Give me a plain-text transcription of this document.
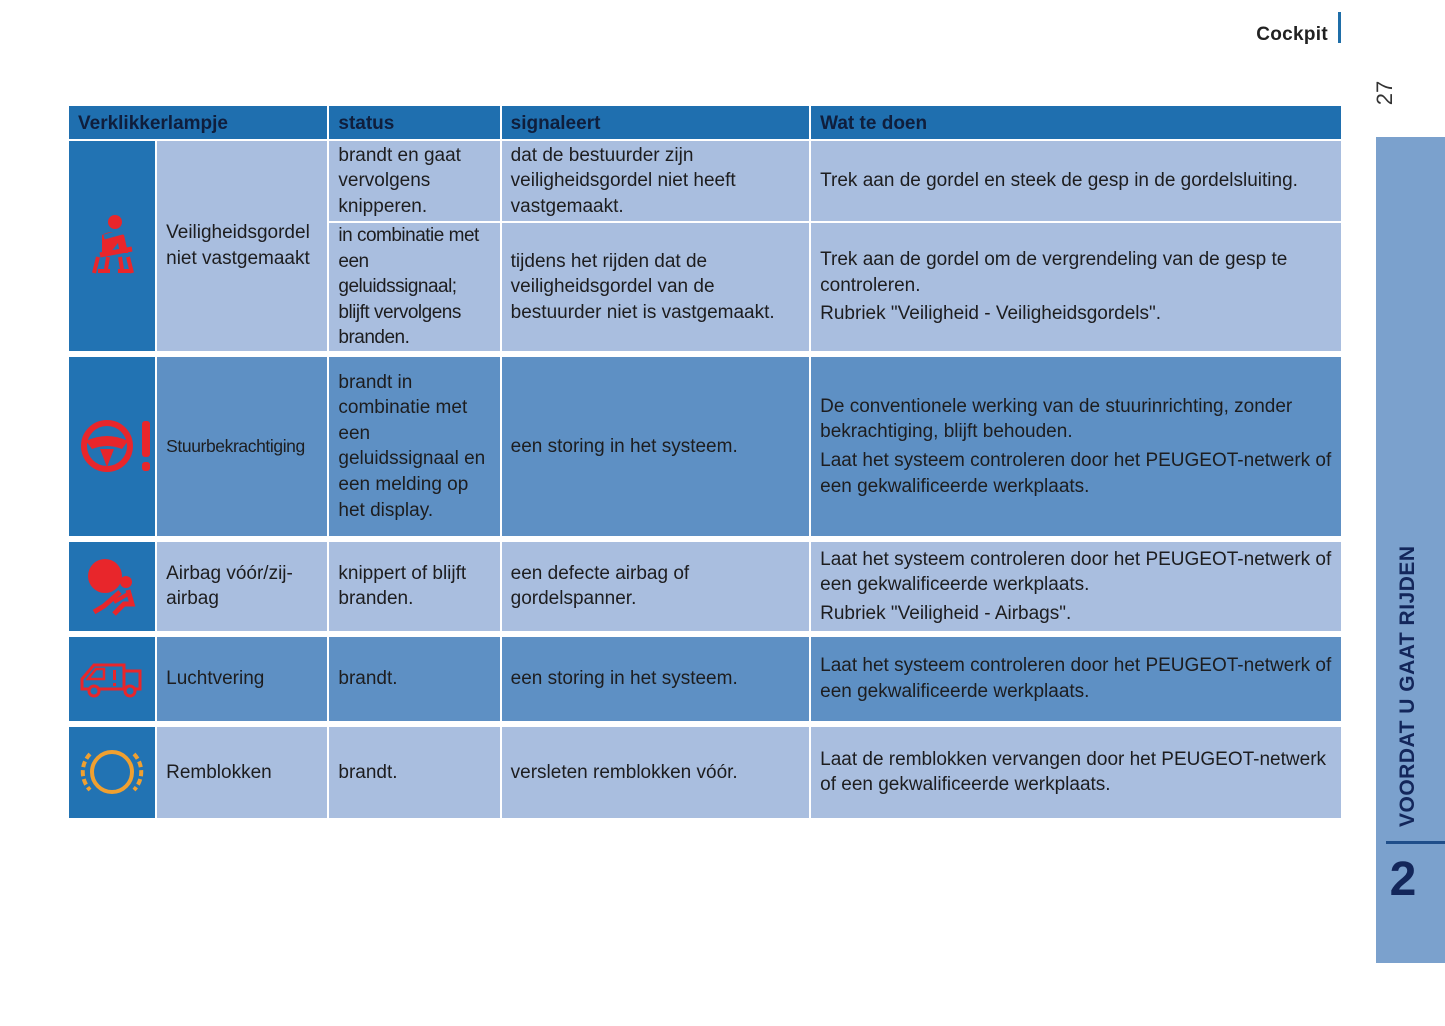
Cockpit
27
VOORDAT U GAAT RIJDEN
2
Verklikkerlampje		status	signaleert	Wat te doen
	Veiligheidsgordel niet vastgemaakt	brandt en gaat vervolgens knipperen.	dat de bestuurder zijn veiligheidsgordel niet heeft vastgemaakt.	Trek aan de gordel en steek de gesp in de gordelsluiting.
		in combinatie met een geluidssignaal; blijft vervolgens branden.	tijdens het rijden dat de veiligheidsgordel van de bestuurder niet is vastgemaakt.	Trek aan de gordel om de vergrendeling van de gesp te controleren.
Rubriek "Veiligheid - Veiligheidsgordels".

	Stuurbekrachtiging	brandt in combinatie met een geluidssignaal en een melding op het display.	een storing in het systeem.	De conventionele werking van de stuurinrichting, zonder bekrachtiging, blijft behouden.
Laat het systeem controleren door het PEUGEOT-netwerk of een gekwalificeerde werkplaats.

	Airbag vóór/zij-airbag	knippert of blijft branden.	een defecte airbag of gordelspanner.	Laat het systeem controleren door het PEUGEOT-netwerk of een gekwalificeerde werkplaats.
Rubriek "Veiligheid - Airbags".

	Luchtvering	brandt.	een storing in het systeem.	Laat het systeem controleren door het PEUGEOT-netwerk of een gekwalificeerde werkplaats.

	Remblokken	brandt.	versleten remblokken vóór.	Laat de remblokken vervangen door het PEUGEOT-netwerk of een gekwalificeerde werkplaats.
